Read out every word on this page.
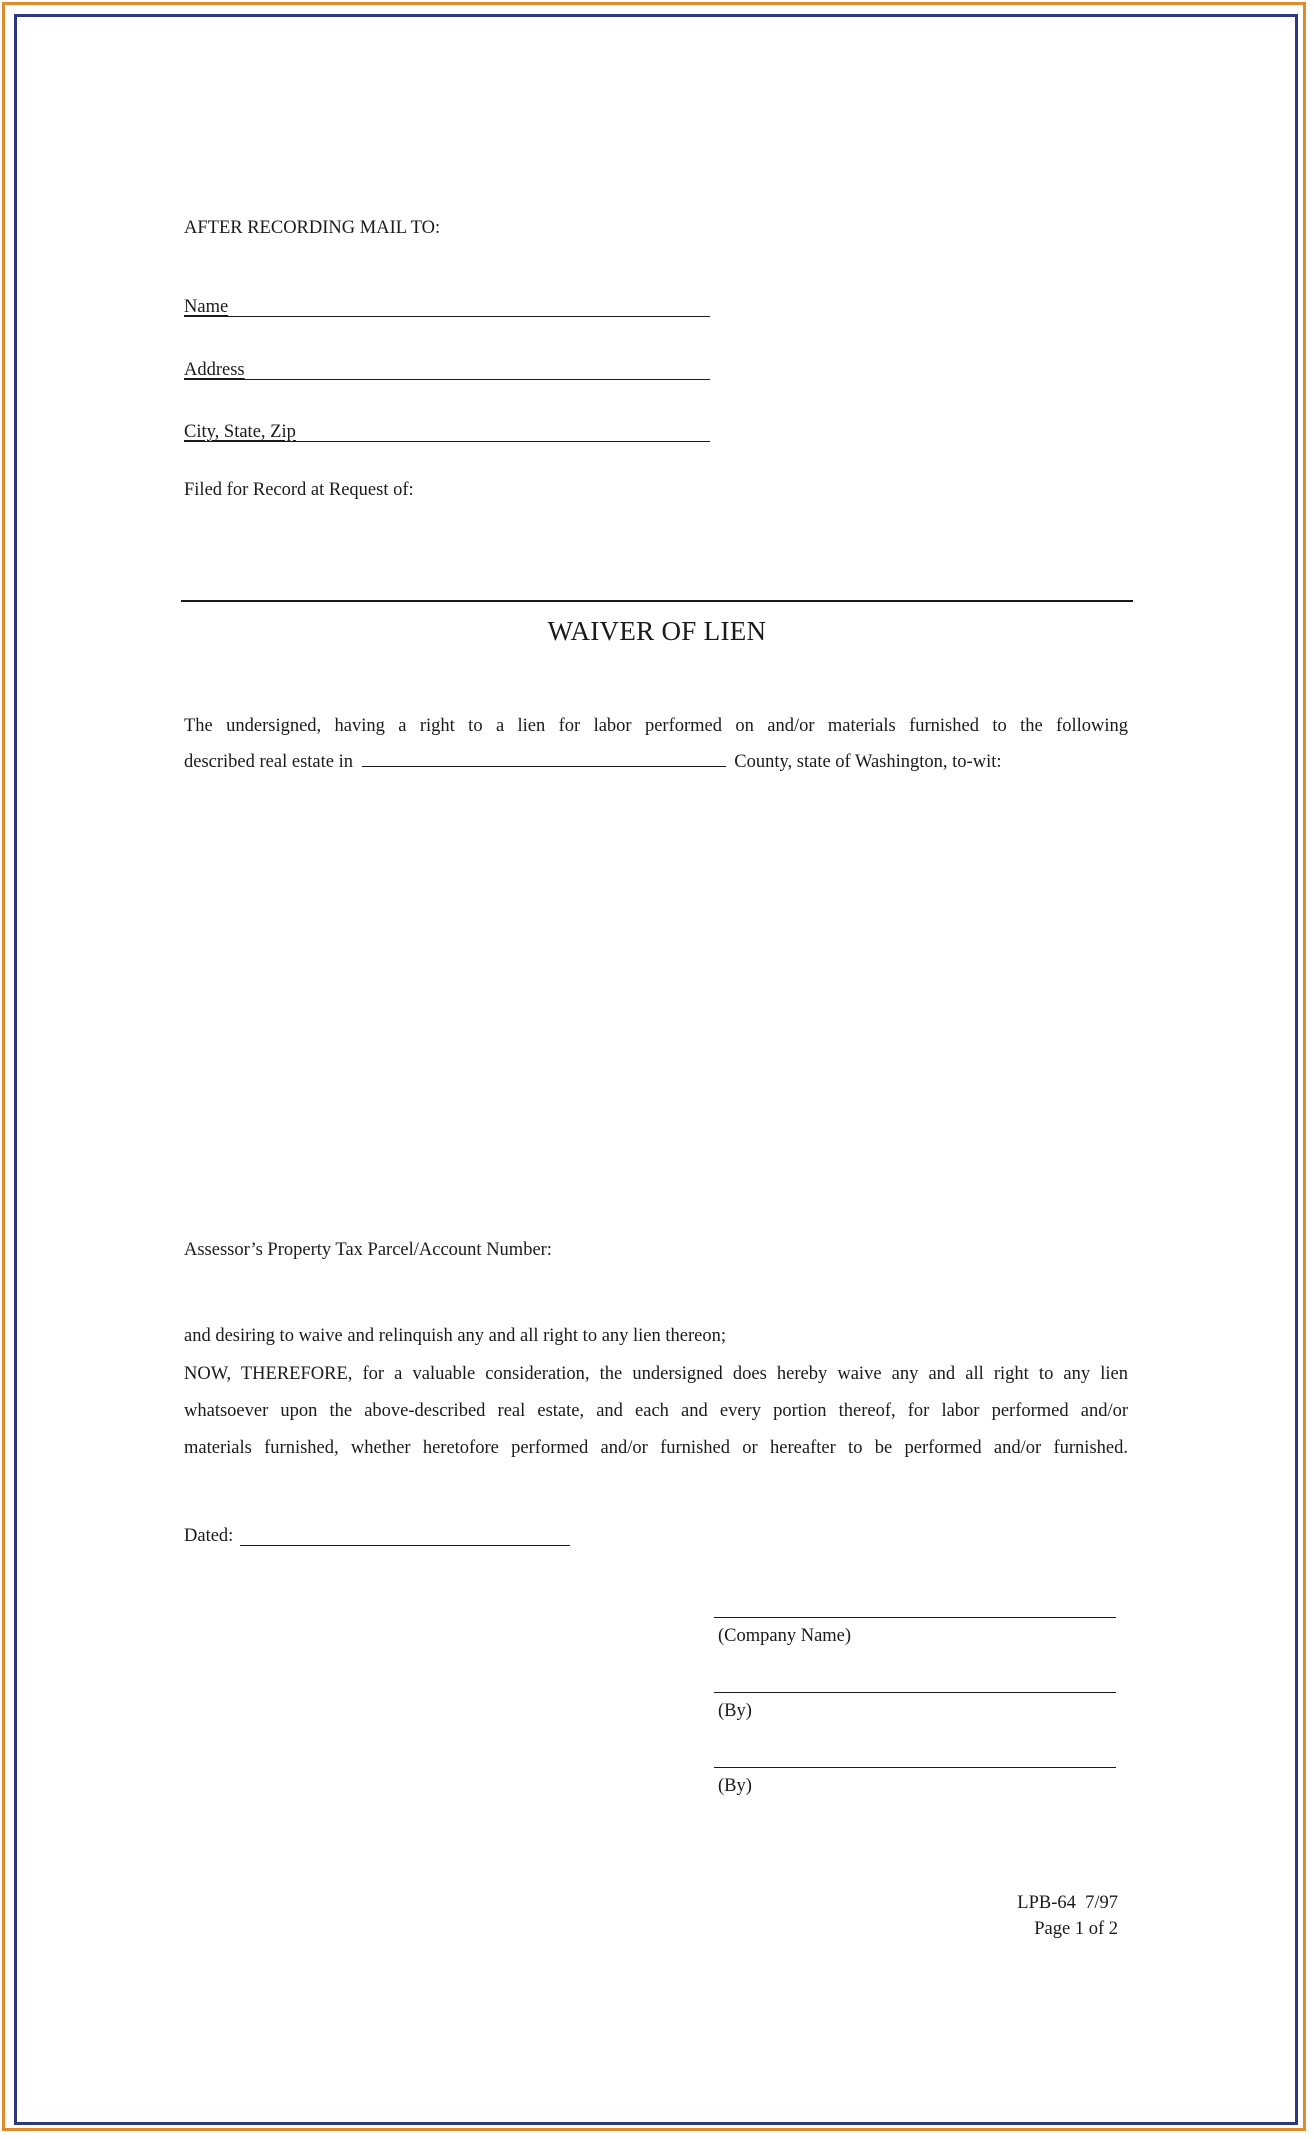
AFTER RECORDING MAIL TO:
Name
Address
City, State, Zip
Filed for Record at Request of:
WAIVER OF LIEN
The undersigned, having a right to a lien for labor performed on and/or materials furnished to the following
described real estate in	County, state of Washington, to-wit:
Assessor’s Property Tax Parcel/Account Number:
and desiring to waive and relinquish any and all right to any lien thereon;
NOW, THEREFORE, for a valuable consideration, the undersigned does hereby waive any and all right to any lien
whatsoever upon the above-described real estate, and each and every portion thereof, for labor performed and/or
materials furnished, whether heretofore performed and/or furnished or hereafter to be performed and/or furnished.
Dated:
(Company Name)
(By)
(By)
LPB-64  7/97
Page 1 of 2
